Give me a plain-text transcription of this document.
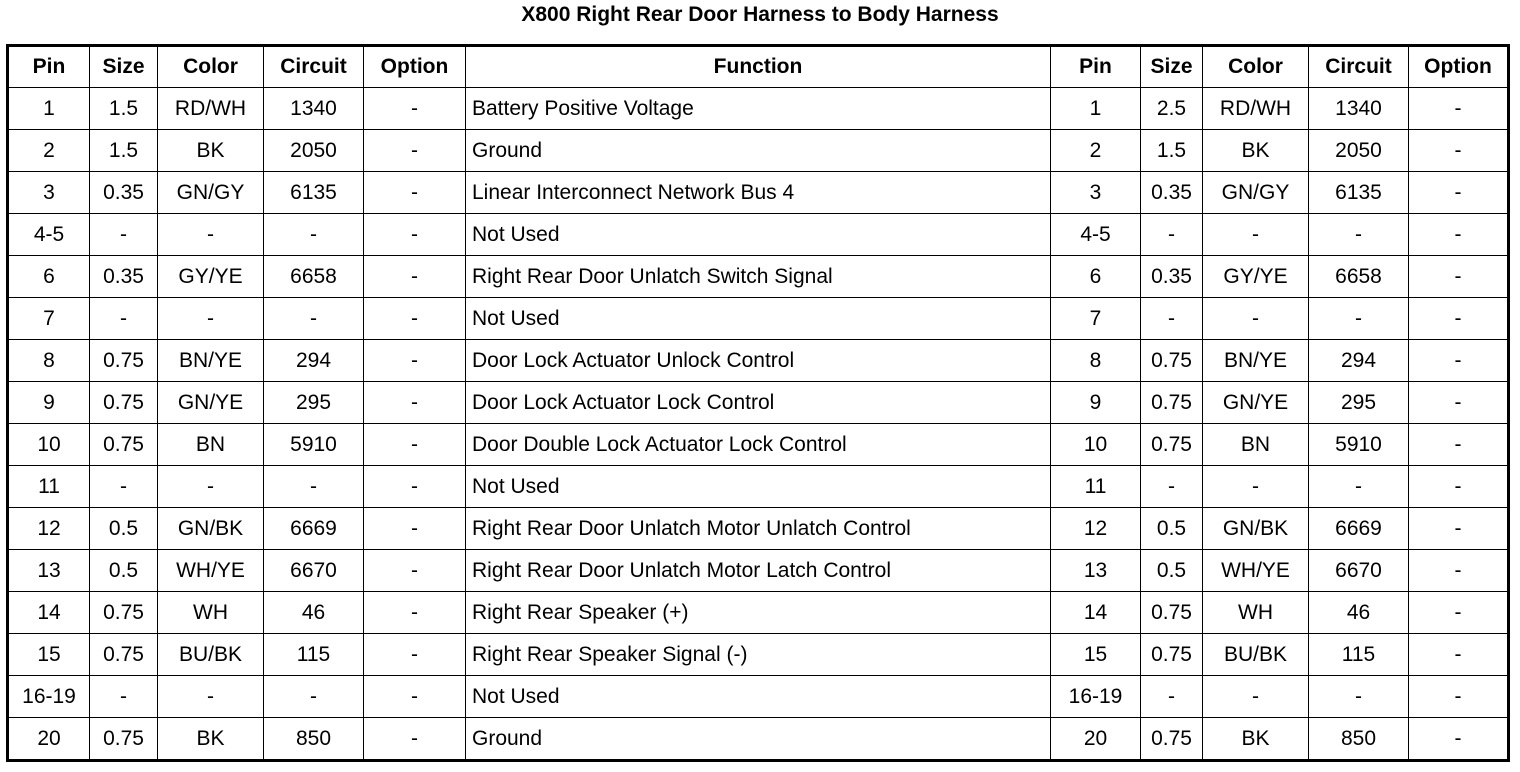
X800 Right Rear Door Harness to Body Harness
Pin	Size	Color	Circuit	Option	Function	Pin	Size	Color	Circuit	Option
1	1.5	RD/WH	1340	-	Battery Positive Voltage	1	2.5	RD/WH	1340	-
2	1.5	BK	2050	-	Ground	2	1.5	BK	2050	-
3	0.35	GN/GY	6135	-	Linear Interconnect Network Bus 4	3	0.35	GN/GY	6135	-
4-5	-	-	-	-	Not Used	4-5	-	-	-	-
6	0.35	GY/YE	6658	-	Right Rear Door Unlatch Switch Signal	6	0.35	GY/YE	6658	-
7	-	-	-	-	Not Used	7	-	-	-	-
8	0.75	BN/YE	294	-	Door Lock Actuator Unlock Control	8	0.75	BN/YE	294	-
9	0.75	GN/YE	295	-	Door Lock Actuator Lock Control	9	0.75	GN/YE	295	-
10	0.75	BN	5910	-	Door Double Lock Actuator Lock Control	10	0.75	BN	5910	-
11	-	-	-	-	Not Used	11	-	-	-	-
12	0.5	GN/BK	6669	-	Right Rear Door Unlatch Motor Unlatch Control	12	0.5	GN/BK	6669	-
13	0.5	WH/YE	6670	-	Right Rear Door Unlatch Motor Latch Control	13	0.5	WH/YE	6670	-
14	0.75	WH	46	-	Right Rear Speaker (+)	14	0.75	WH	46	-
15	0.75	BU/BK	115	-	Right Rear Speaker Signal (-)	15	0.75	BU/BK	115	-
16-19	-	-	-	-	Not Used	16-19	-	-	-	-
20	0.75	BK	850	-	Ground	20	0.75	BK	850	-
